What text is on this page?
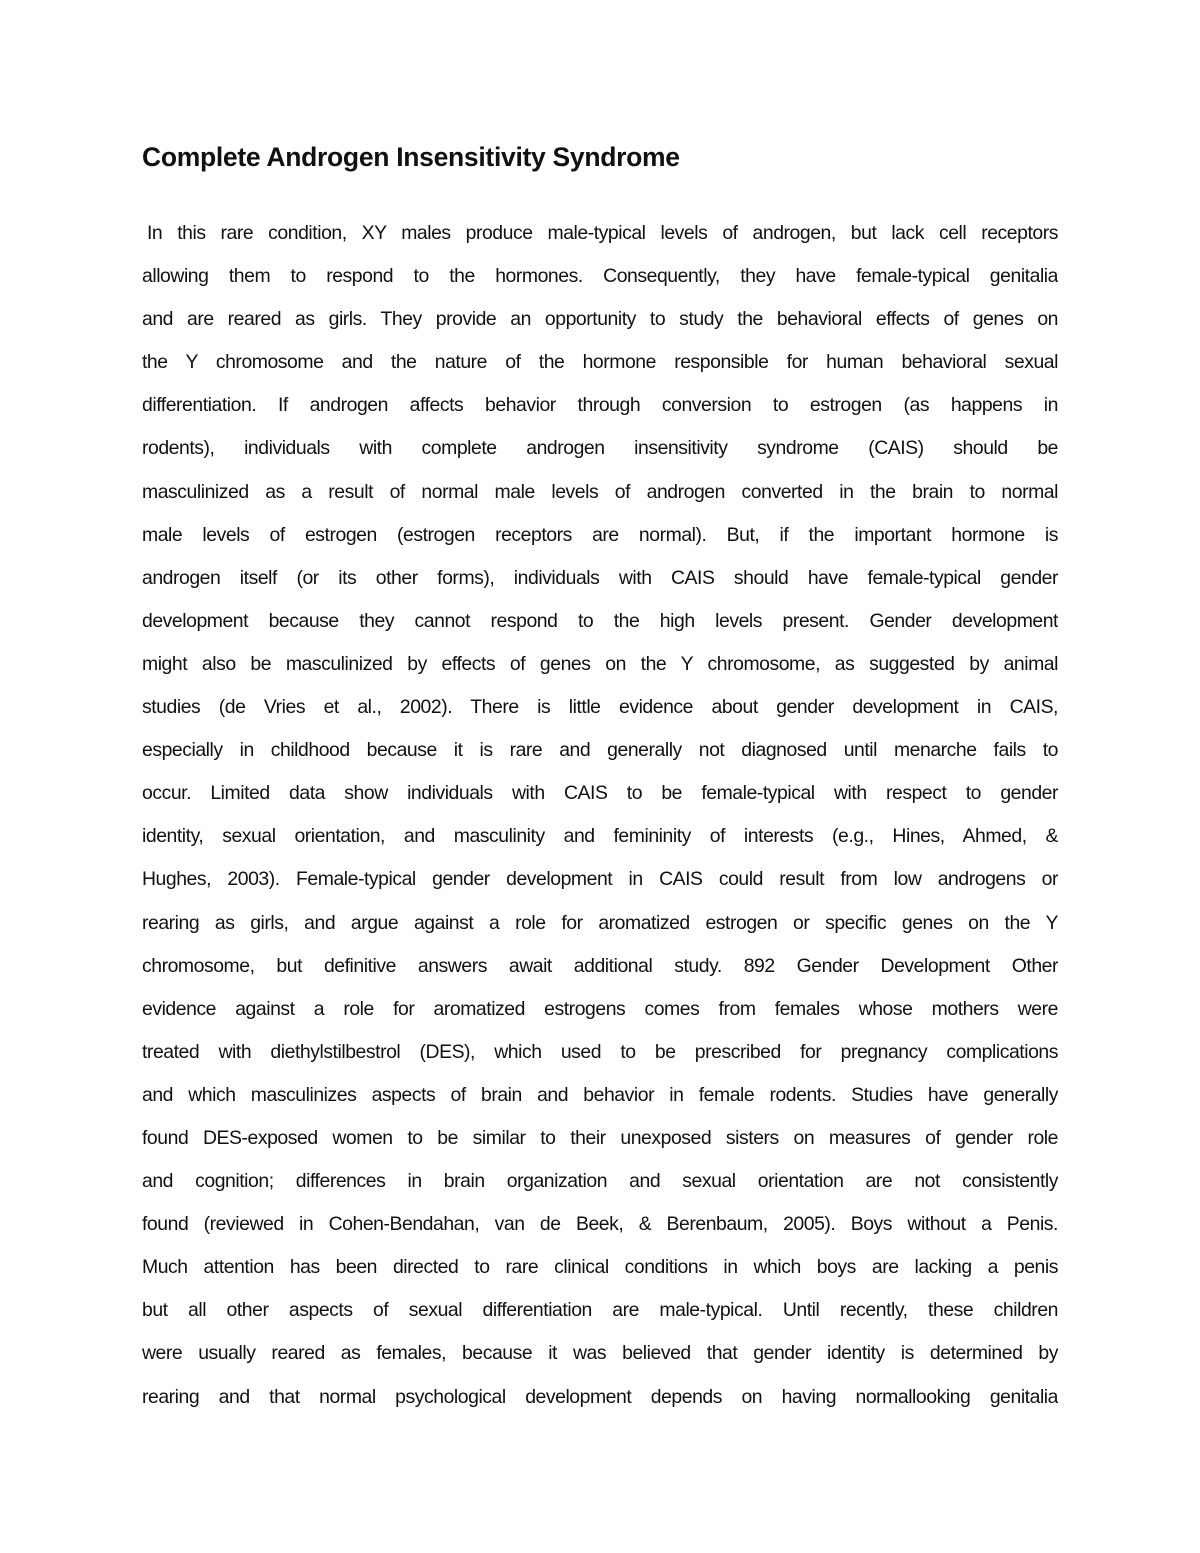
Complete Androgen Insensitivity Syndrome
In this rare condition, XY males produce male-typical levels of androgen, but lack cell receptors
allowing them to respond to the hormones. Consequently, they have female-typical genitalia
and are reared as girls. They provide an opportunity to study the behavioral effects of genes on
the Y chromosome and the nature of the hormone responsible for human behavioral sexual
differentiation. If androgen affects behavior through conversion to estrogen (as happens in
rodents), individuals with complete androgen insensitivity syndrome (CAIS) should be
masculinized as a result of normal male levels of androgen converted in the brain to normal
male levels of estrogen (estrogen receptors are normal). But, if the important hormone is
androgen itself (or its other forms), individuals with CAIS should have female-typical gender
development because they cannot respond to the high levels present. Gender development
might also be masculinized by effects of genes on the Y chromosome, as suggested by animal
studies (de Vries et al., 2002). There is little evidence about gender development in CAIS,
especially in childhood because it is rare and generally not diagnosed until menarche fails to
occur. Limited data show individuals with CAIS to be female-typical with respect to gender
identity, sexual orientation, and masculinity and femininity of interests (e.g., Hines, Ahmed, &
Hughes, 2003). Female-typical gender development in CAIS could result from low androgens or
rearing as girls, and argue against a role for aromatized estrogen or specific genes on the Y
chromosome, but definitive answers await additional study. 892 Gender Development Other
evidence against a role for aromatized estrogens comes from females whose mothers were
treated with diethylstilbestrol (DES), which used to be prescribed for pregnancy complications
and which masculinizes aspects of brain and behavior in female rodents. Studies have generally
found DES-exposed women to be similar to their unexposed sisters on measures of gender role
and cognition; differences in brain organization and sexual orientation are not consistently
found (reviewed in Cohen-Bendahan, van de Beek, & Berenbaum, 2005). Boys without a Penis.
Much attention has been directed to rare clinical conditions in which boys are lacking a penis
but all other aspects of sexual differentiation are male-typical. Until recently, these children
were usually reared as females, because it was believed that gender identity is determined by
rearing and that normal psychological development depends on having normallooking genitalia
